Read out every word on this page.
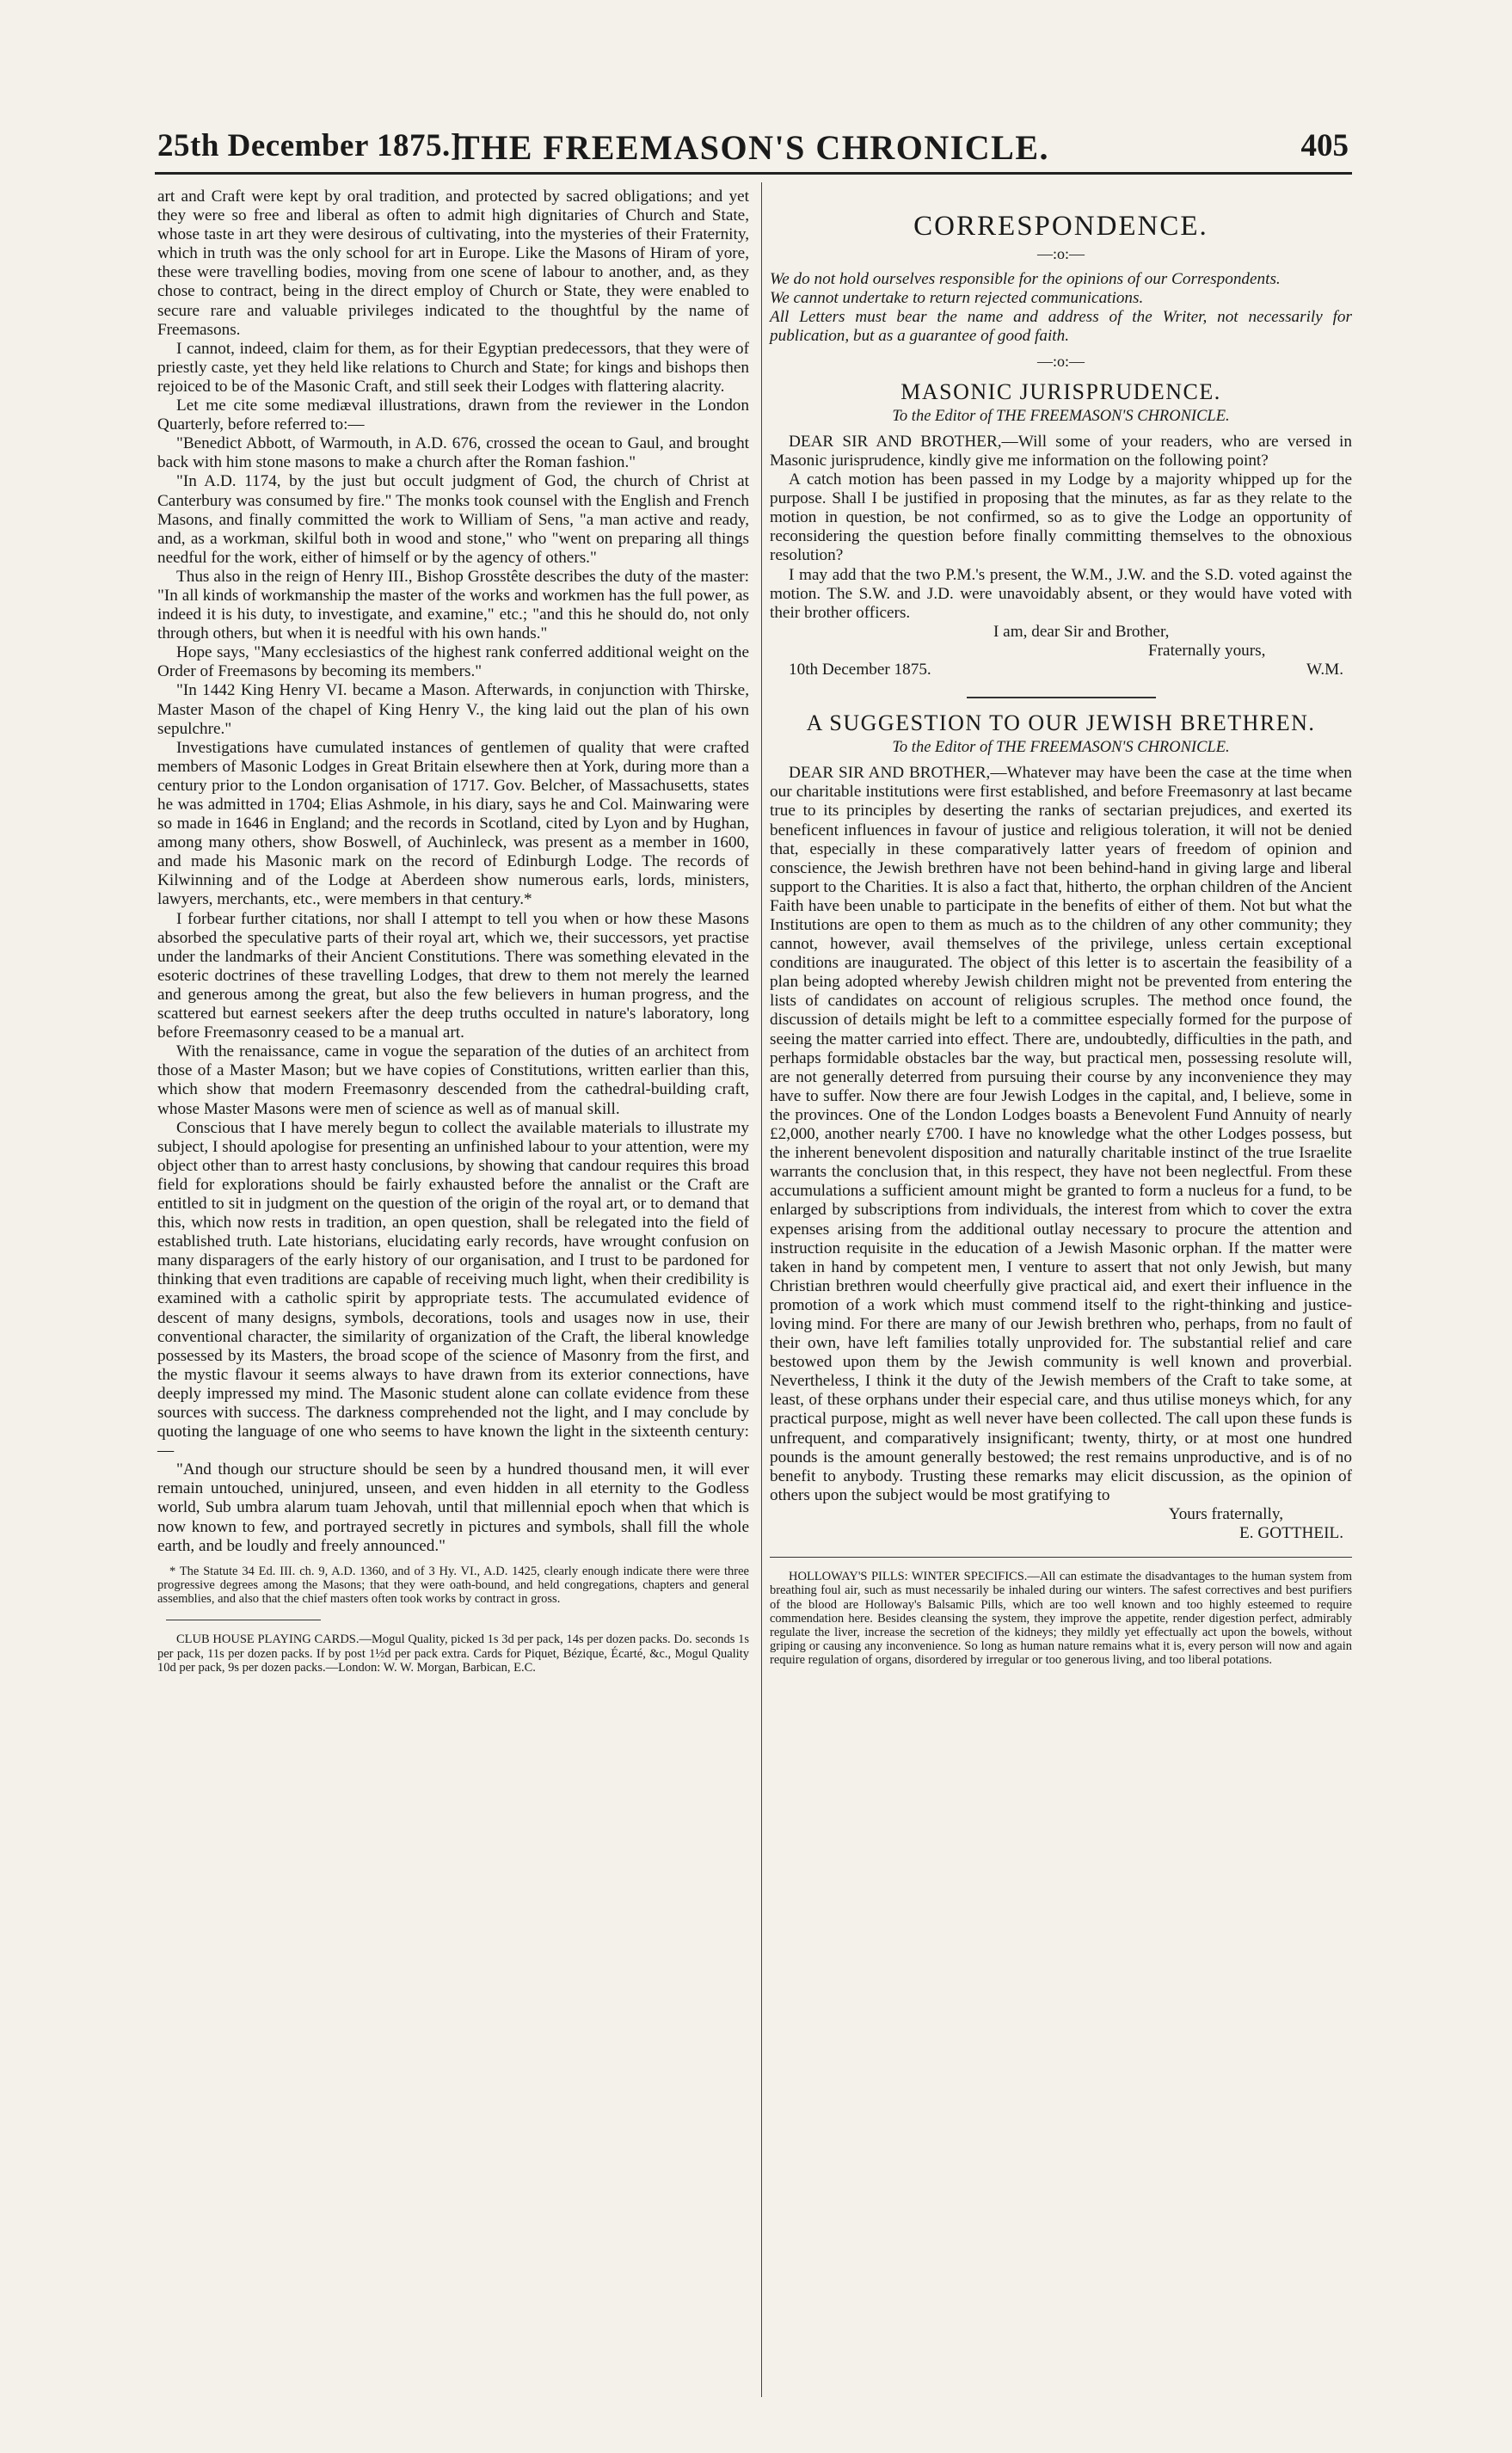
25th December 1875.]
THE FREEMASON'S CHRONICLE.	405

art and Craft were kept by oral tradition, and protected by sacred obligations; and yet they were so free and liberal as often to admit high dignitaries of Church and State, whose taste in art they were desirous of cultivating, into the mysteries of their Fraternity, which in truth was the only school for art in Europe. Like the Masons of Hiram of yore, these were travelling bodies, moving from one scene of labour to another, and, as they chose to contract, being in the direct employ of Church or State, they were enabled to secure rare and valuable privileges indicated to the thoughtful by the name of Freemasons.

I cannot, indeed, claim for them, as for their Egyptian predecessors, that they were of priestly caste, yet they held like relations to Church and State; for kings and bishops then rejoiced to be of the Masonic Craft, and still seek their Lodges with flattering alacrity.

Let me cite some mediæval illustrations, drawn from the reviewer in the London Quarterly, before referred to:—

"Benedict Abbott, of Warmouth, in A.D. 676, crossed the ocean to Gaul, and brought back with him stone masons to make a church after the Roman fashion."

"In A.D. 1174, by the just but occult judgment of God, the church of Christ at Canterbury was consumed by fire." The monks took counsel with the English and French Masons, and finally committed the work to William of Sens, "a man active and ready, and, as a workman, skilful both in wood and stone," who "went on preparing all things needful for the work, either of himself or by the agency of others."

Thus also in the reign of Henry III., Bishop Grosstête describes the duty of the master: "In all kinds of workmanship the master of the works and workmen has the full power, as indeed it is his duty, to investigate, and examine," etc.; "and this he should do, not only through others, but when it is needful with his own hands."

Hope says, "Many ecclesiastics of the highest rank conferred additional weight on the Order of Freemasons by becoming its members."

"In 1442 King Henry VI. became a Mason. Afterwards, in conjunction with Thirske, Master Mason of the chapel of King Henry V., the king laid out the plan of his own sepulchre."

Investigations have cumulated instances of gentlemen of quality that were crafted members of Masonic Lodges in Great Britain elsewhere then at York, during more than a century prior to the London organisation of 1717. Gov. Belcher, of Massachusetts, states he was admitted in 1704; Elias Ashmole, in his diary, says he and Col. Mainwaring were so made in 1646 in England; and the records in Scotland, cited by Lyon and by Hughan, among many others, show Boswell, of Auchinleck, was present as a member in 1600, and made his Masonic mark on the record of Edinburgh Lodge. The records of Kilwinning and of the Lodge at Aberdeen show numerous earls, lords, ministers, lawyers, merchants, etc., were members in that century.*

I forbear further citations, nor shall I attempt to tell you when or how these Masons absorbed the speculative parts of their royal art, which we, their successors, yet practise under the landmarks of their Ancient Constitutions. There was something elevated in the esoteric doctrines of these travelling Lodges, that drew to them not merely the learned and generous among the great, but also the few believers in human progress, and the scattered but earnest seekers after the deep truths occulted in nature's laboratory, long before Freemasonry ceased to be a manual art.

With the renaissance, came in vogue the separation of the duties of an architect from those of a Master Mason; but we have copies of Constitutions, written earlier than this, which show that modern Freemasonry descended from the cathedral-building craft, whose Master Masons were men of science as well as of manual skill.

Conscious that I have merely begun to collect the available materials to illustrate my subject, I should apologise for presenting an unfinished labour to your attention, were my object other than to arrest hasty conclusions, by showing that candour requires this broad field for explorations should be fairly exhausted before the annalist or the Craft are entitled to sit in judgment on the question of the origin of the royal art, or to demand that this, which now rests in tradition, an open question, shall be relegated into the field of established truth. Late historians, elucidating early records, have wrought confusion on many disparagers of the early history of our organisation, and I trust to be pardoned for thinking that even traditions are capable of receiving much light, when their credibility is examined with a catholic spirit by appropriate tests. The accumulated evidence of descent of many designs, symbols, decorations, tools and usages now in use, their conventional character, the similarity of organization of the Craft, the liberal knowledge possessed by its Masters, the broad scope of the science of Masonry from the first, and the mystic flavour it seems always to have drawn from its exterior connections, have deeply impressed my mind. The Masonic student alone can collate evidence from these sources with success. The darkness comprehended not the light, and I may conclude by quoting the language of one who seems to have known the light in the sixteenth century:—

"And though our structure should be seen by a hundred thousand men, it will ever remain untouched, uninjured, unseen, and even hidden in all eternity to the Godless world, Sub umbra alarum tuam Jehovah, until that millennial epoch when that which is now known to few, and portrayed secretly in pictures and symbols, shall fill the whole earth, and be loudly and freely announced."

* The Statute 34 Ed. III. ch. 9, A.D. 1360, and of 3 Hy. VI., A.D. 1425, clearly enough indicate there were three progressive degrees among the Masons; that they were oath-bound, and held congregations, chapters and general assemblies, and also that the chief masters often took works by contract in gross.

CLUB HOUSE PLAYING CARDS.—Mogul Quality, picked 1s 3d per pack, 14s per dozen packs. Do. seconds 1s per pack, 11s per dozen packs. If by post 1½d per pack extra. Cards for Piquet, Bézique, Écarté, &c., Mogul Quality 10d per pack, 9s per dozen packs.—London: W. W. Morgan, Barbican, E.C.

CORRESPONDENCE.
—:o:—

We do not hold ourselves responsible for the opinions of our Correspondents.

We cannot undertake to return rejected communications.

All Letters must bear the name and address of the Writer, not necessarily for publication, but as a guarantee of good faith.

—:o:—
MASONIC JURISPRUDENCE.
To the Editor of THE FREEMASON'S CHRONICLE.

DEAR SIR AND BROTHER,—Will some of your readers, who are versed in Masonic jurisprudence, kindly give me information on the following point?

A catch motion has been passed in my Lodge by a majority whipped up for the purpose. Shall I be justified in proposing that the minutes, as far as they relate to the motion in question, be not confirmed, so as to give the Lodge an opportunity of reconsidering the question before finally committing themselves to the obnoxious resolution?

I may add that the two P.M.'s present, the W.M., J.W. and the S.D. voted against the motion. The S.W. and J.D. were unavoidably absent, or they would have voted with their brother officers.

I am, dear Sir and Brother,

Fraternally yours,

10th December 1875.	W.M.
A SUGGESTION TO OUR JEWISH BRETHREN.
To the Editor of THE FREEMASON'S CHRONICLE.

DEAR SIR AND BROTHER,—Whatever may have been the case at the time when our charitable institutions were first established, and before Freemasonry at last became true to its principles by deserting the ranks of sectarian prejudices, and exerted its beneficent influences in favour of justice and religious toleration, it will not be denied that, especially in these comparatively latter years of freedom of opinion and conscience, the Jewish brethren have not been behind-hand in giving large and liberal support to the Charities. It is also a fact that, hitherto, the orphan children of the Ancient Faith have been unable to participate in the benefits of either of them. Not but what the Institutions are open to them as much as to the children of any other community; they cannot, however, avail themselves of the privilege, unless certain exceptional conditions are inaugurated. The object of this letter is to ascertain the feasibility of a plan being adopted whereby Jewish children might not be prevented from entering the lists of candidates on account of religious scruples. The method once found, the discussion of details might be left to a committee especially formed for the purpose of seeing the matter carried into effect. There are, undoubtedly, difficulties in the path, and perhaps formidable obstacles bar the way, but practical men, possessing resolute will, are not generally deterred from pursuing their course by any inconvenience they may have to suffer. Now there are four Jewish Lodges in the capital, and, I believe, some in the provinces. One of the London Lodges boasts a Benevolent Fund Annuity of nearly £2,000, another nearly £700. I have no knowledge what the other Lodges possess, but the inherent benevolent disposition and naturally charitable instinct of the true Israelite warrants the conclusion that, in this respect, they have not been neglectful. From these accumulations a sufficient amount might be granted to form a nucleus for a fund, to be enlarged by subscriptions from individuals, the interest from which to cover the extra expenses arising from the additional outlay necessary to procure the attention and instruction requisite in the education of a Jewish Masonic orphan. If the matter were taken in hand by competent men, I venture to assert that not only Jewish, but many Christian brethren would cheerfully give practical aid, and exert their influence in the promotion of a work which must commend itself to the right-thinking and justice-loving mind. For there are many of our Jewish brethren who, perhaps, from no fault of their own, have left families totally unprovided for. The substantial relief and care bestowed upon them by the Jewish community is well known and proverbial. Nevertheless, I think it the duty of the Jewish members of the Craft to take some, at least, of these orphans under their especial care, and thus utilise moneys which, for any practical purpose, might as well never have been collected. The call upon these funds is unfrequent, and comparatively insignificant; twenty, thirty, or at most one hundred pounds is the amount generally bestowed; the rest remains unproductive, and is of no benefit to anybody. Trusting these remarks may elicit discussion, as the opinion of others upon the subject would be most gratifying to

Yours fraternally,

E. GOTTHEIL.

HOLLOWAY'S PILLS: WINTER SPECIFICS.—All can estimate the disadvantages to the human system from breathing foul air, such as must necessarily be inhaled during our winters. The safest correctives and best purifiers of the blood are Holloway's Balsamic Pills, which are too well known and too highly esteemed to require commendation here. Besides cleansing the system, they improve the appetite, render digestion perfect, admirably regulate the liver, increase the secretion of the kidneys; they mildly yet effectually act upon the bowels, without griping or causing any inconvenience. So long as human nature remains what it is, every person will now and again require regulation of organs, disordered by irregular or too generous living, and too liberal potations.
